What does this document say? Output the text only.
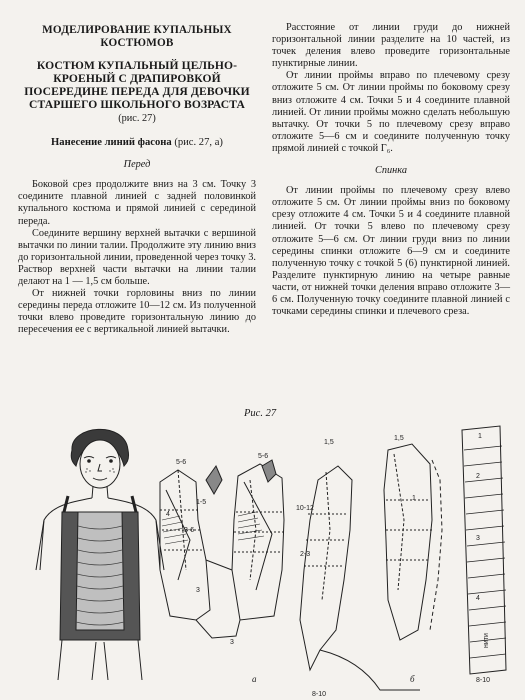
МОДЕЛИРОВАНИЕ КУПАЛЬНЫХ КОСТЮМОВ
КОСТЮМ КУПАЛЬНЫЙ ЦЕЛЬНО-КРОЕНЫЙ С ДРАПИРОВКОЙ ПОСЕРЕДИНЕ ПЕРЕДА ДЛЯ ДЕВОЧКИ СТАРШЕГО ШКОЛЬНОГО ВОЗРАСТА
(рис. 27)
Нанесение линий фасона (рис. 27, а)
Перед

Боковой срез продолжите вниз на 3 см. Точку 3 соедините плавной линией с задней половинкой купального костюма и прямой линией с серединой переда.

Соедините вершину верхней вытачки с вершиной вытачки по линии талии. Продолжите эту линию вниз до горизонтальной линии, проведенной через точку 3. Раствор верхней части вытачки на линии талии делают на 1 — 1,5 см больше.

От нижней точки горловины вниз по линии середины переда отложите 10—12 см. Из полученной точки влево проведите горизонтальную линию до пересечения ее с вертикальной линией вытачки.

Расстояние от линии груди до нижней горизонтальной линии разделите на 10 частей, из точек деления влево проведите горизонтальные пунктирные линии.

От линии проймы вправо по плечевому срезу отложите 5 см. От линии проймы по боковому срезу вниз отложите 4 см. Точки 5 и 4 соедините плавной линией. От линии проймы можно сделать небольшую вытачку. От точки 5 по плечевому срезу вправо отложите 5—6 см и соедините полученную точку прямой линией с точкой Г₆.

Спинка

От линии проймы по плечевому срезу влево отложите 5 см. От линии проймы вниз по боковому срезу отложите 4 см. Точки 5 и 4 соедините плавной линией. От точки 5 влево по плечевому срезу отложите 5—6 см. От линии груди вниз по линии середины спинки отложите 6—9 см и соедините полученную точку с точкой 5 (6) пунктирной линией. Разделите пунктирную линию на четыре равные части, от нижней точки деления вправо отложите 3—6 см. Полученную точку соедините плавной линией с точками середины спинки и плечевого среза.

Рис. 27
5-6
5-6
1-5
4
3-6
3
3
10-12
2-3
1,5
1,5	1
2
3
4
1
8-10
8-10
нити
а	б
